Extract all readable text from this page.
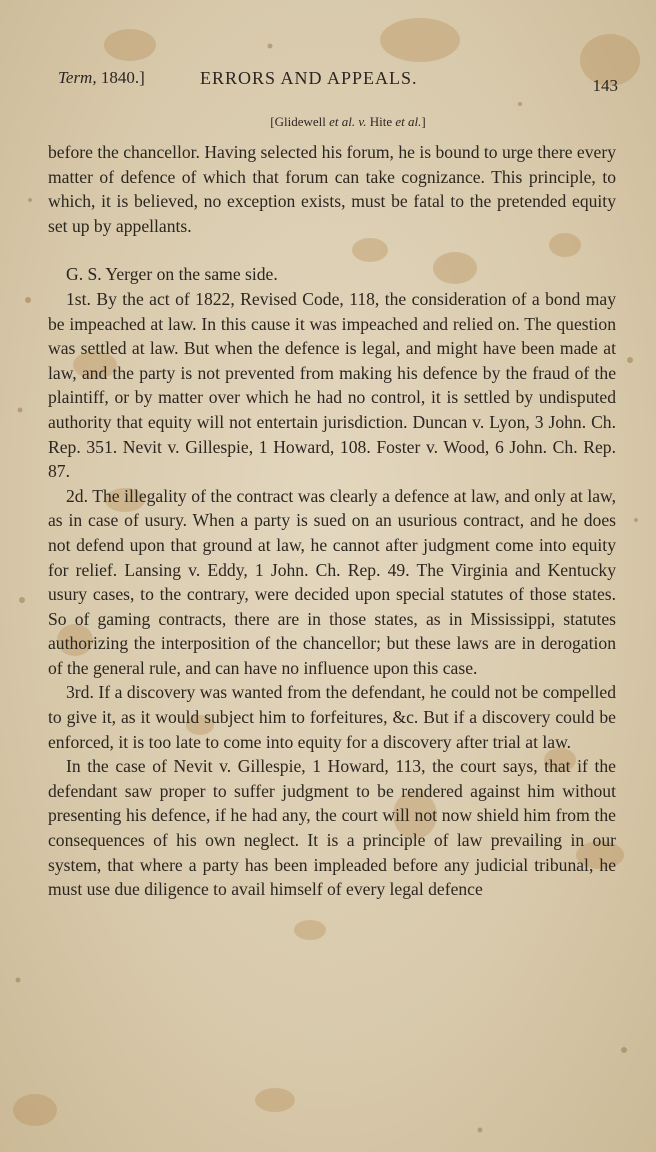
Term, 1840.]	ERRORS AND APPEALS.	143
[Glidewell et al. v. Hite et al.]

before the chancellor. Having selected his forum, he is bound to urge there every matter of defence of which that forum can take cognizance. This principle, to which, it is believed, no exception exists, must be fatal to the pretended equity set up by appellants.

G. S. Yerger on the same side.

1st. By the act of 1822, Revised Code, 118, the consideration of a bond may be impeached at law. In this cause it was impeached and relied on. The question was settled at law. But when the defence is legal, and might have been made at law, and the party is not prevented from making his defence by the fraud of the plaintiff, or by matter over which he had no control, it is settled by undisputed authority that equity will not entertain jurisdiction. Duncan v. Lyon, 3 John. Ch. Rep. 351. Nevit v. Gillespie, 1 Howard, 108. Foster v. Wood, 6 John. Ch. Rep. 87.

2d. The illegality of the contract was clearly a defence at law, and only at law, as in case of usury. When a party is sued on an usurious contract, and he does not defend upon that ground at law, he cannot after judgment come into equity for relief. Lansing v. Eddy, 1 John. Ch. Rep. 49. The Virginia and Kentucky usury cases, to the contrary, were decided upon special statutes of those states. So of gaming contracts, there are in those states, as in Mississippi, statutes authorizing the interposition of the chancellor; but these laws are in derogation of the general rule, and can have no influence upon this case.

3rd. If a discovery was wanted from the defendant, he could not be compelled to give it, as it would subject him to forfeitures, &c. But if a discovery could be enforced, it is too late to come into equity for a discovery after trial at law.

In the case of Nevit v. Gillespie, 1 Howard, 113, the court says, that if the defendant saw proper to suffer judgment to be rendered against him without presenting his defence, if he had any, the court will not now shield him from the consequences of his own neglect. It is a principle of law prevailing in our system, that where a party has been impleaded before any judicial tribunal, he must use due diligence to avail himself of every legal defence
